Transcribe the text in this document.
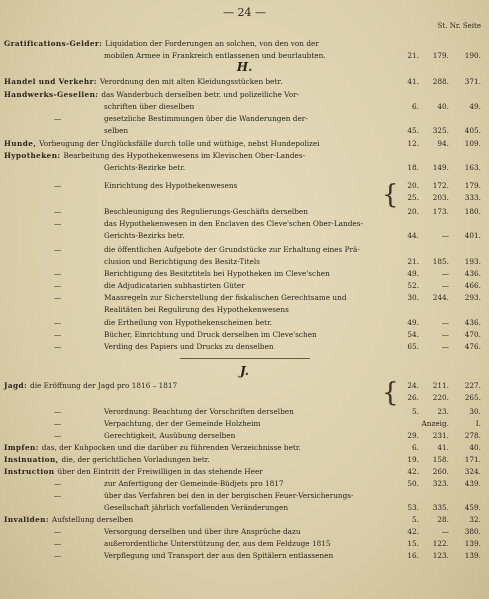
— 24 —
St. Nr. Seite
H.
J.
{
{
Gratifications-Gelder: Liquidation der Forderungen an solchen, von den von der
mobilen Armee in Frankreich entlassenen und beurlaubten.	21. 179. 190.
Handel und Verkehr: Verordnung den mit alten Kleidungsstücken betr.	41. 288. 371.
Handwerks-Gesellen: das Wanderbuch derselben betr. und polizeiliche Vor-
schriften über dieselben	6.	40.	49.
—	gesetzliche Bestimmungen über die Wanderungen der-
selben	45. 325. 405.
Hunde, Vorbeugung der Unglücksfälle durch tolle und wüthige, nebst Hundepolizei	12.	94. 109.
Hypotheken: Bearbeitung des Hypothekenwesens im Klevischen Ober-Landes-
Gerichts-Bezirke betr.	18. 149. 163.
—	Einrichtung des Hypothekenwesens	20. 172. 179.
25. 203. 333.
—	Beschleunigung des Regulierungs-Geschäfts derselben	20. 173. 180.
—	das Hypothekenwesen in den Enclaven des Cleve'schen Ober-Landes-
Gerichts-Bezirks betr.	44.	— 401.
—	die öffentlichen Aufgebote der Grundstücke zur Erhaltung eines Prä-
clusion und Berichtigung des Besitz-Titels	21. 185. 193.
—	Berichtigung des Besitztitels bei Hypotheken im Cleve'schen	49.	— 436.
—	die Adjudicatarien subhastirten Güter	52.	— 466.
—	Maasregeln zur Sicherstellung der fiskalischen Gerechtsame und	30. 244. 293.
Realitäten bei Regulirung des Hypothekenwesens
—	die Ertheilung von Hypothekenscheinen betr.	49.	— 436.
—	Bücher, Einrichtung und Druck derselben im Cleve'schen	54.	— 470.
—	Verding des Papiers und Drucks zu denselben	65.	— 476.
Jagd: die Eröffnung der Jagd pro 1816 – 1817	24. 211. 227.
26. 220. 265.
—	Verordnung: Beachtung der Vorschriften derselben	5.	23.	30.
—	Verpachtung, der der Gemeinde Holzheim	Anzeig.	I.
—	Gerechtigkeit, Ausübung derselben	29. 231. 278.
Impfen: das, der Kuhpocken und die darüber zu führenden Verzeichnisse betr.	6.	41.	40.
Insinuation, die, der gerichtlichen Vorladungen betr.	19. 158. 171.
Instruction über den Eintritt der Freiwilligen in das stehende Heer	42. 260. 324.
—	zur Anfertigung der Gemeinde-Büdjets pro 1817	50. 323. 439.
—	über das Verfahren bei den in der bergischen Feuer-Versicherungs-
Gesellschaft jährlich vorfallenden Veränderungen	53. 335. 459.
Invaliden: Aufstellung derselben	5.	28.	32.
—	Versorgung derselben und über ihre Ansprüche dazu	42.	— 380.
—	außerordentliche Unterstützung der, aus dem Feldzuge 1815	15. 122. 139.
—	Verpflegung und Transport der aus den Spitälern entlassenen	16. 123. 139.
